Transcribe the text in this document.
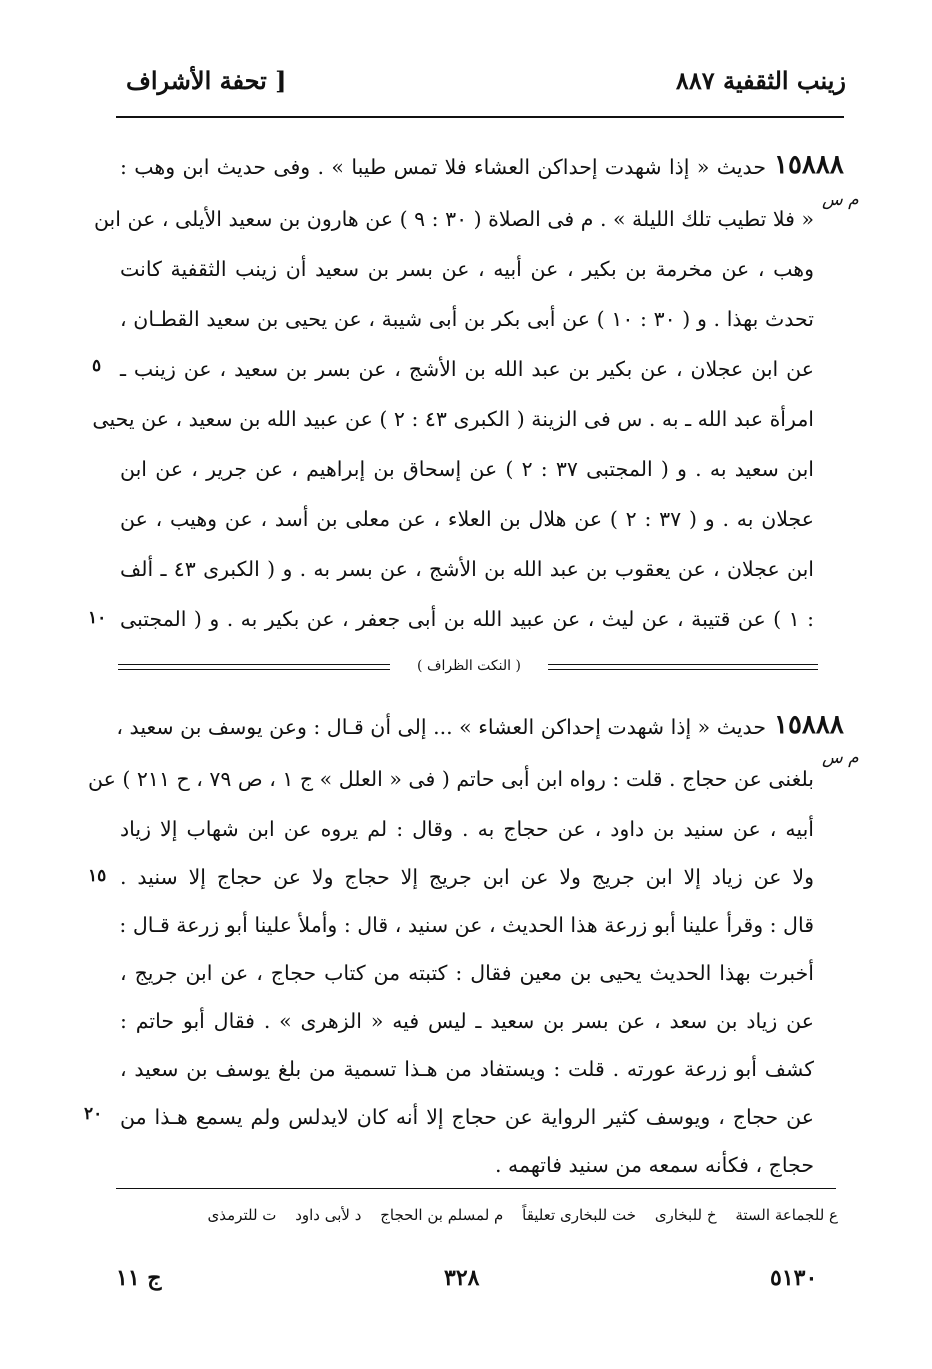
زينب الثقفية ٨٨٧
[ تحفة الأشراف
١٥٨٨٨
م س
حديث « إذا شهدت إحداكن العشاء فلا تمس طيبا » . وفى حديث ابن وهب :
« فلا تطيب تلك الليلة » . م فى الصلاة ( ٣٠ : ٩ ) عن هارون بن سعيد الأيلى ، عن ابن
وهب ، عن مخرمة بن بكير ، عن أبيه ، عن بسر بن سعيد أن زينب الثقفية كانت
تحدث بهذا . و ( ٣٠ : ١٠ ) عن أبى بكر بن أبى شيبة ، عن يحيى بن سعيد القطـان ،
عن ابن عجلان ، عن بكير بن عبد الله بن الأشج ، عن بسر بن سعيد ، عن زينب ـ
امرأة عبد الله ـ به . س فى الزينة ( الكبرى ٤٣ : ٢ ) عن عبيد الله بن سعيد ، عن يحيى
ابن سعيد به . و ( المجتبى ٣٧ : ٢ ) عن إسحاق بن إبراهيم ، عن جرير ، عن ابن
عجلان به . و ( ٣٧ : ٢ ) عن هلال بن العلاء ، عن معلى بن أسد ، عن وهيب ، عن
ابن عجلان ، عن يعقوب بن عبد الله بن الأشج ، عن بسر به . و ( الكبرى ٤٣ ـ ألف
: ١ ) عن قتيبة ، عن ليث ، عن عبيد الله بن أبى جعفر ، عن بكير به . و ( المجتبى
٥
١٠
( النكت الظراف )
١٥٨٨٨
م س
حديث « إذا شهدت إحداكن العشاء » ... إلى أن قـال : وعن يوسف بن سعيد ،
بلغنى عن حجاج . قلت : رواه ابن أبى حاتم ( فى « العلل » ج ١ ، ص ٧٩ ، ح ٢١١ ) عن
أبيه ، عن سنيد بن داود ، عن حجاج به . وقال : لم يروه عن ابن شهاب إلا زياد
ولا عن زياد إلا ابن جريج ولا عن ابن جريج إلا حجاج ولا عن حجاج إلا سنيد .
قال : وقرأ علينا أبو زرعة هذا الحديث ، عن سنيد ، قال : وأملأ علينا أبو زرعة قـال :
أخبرت بهذا الحديث يحيى بن معين فقال : كتبته من كتاب حجاج ، عن ابن جريج ،
عن زياد بن سعد ، عن بسر بن سعيد ـ ليس فيه « الزهرى » . فقال أبو حاتم :
كشف أبو زرعة عورته . قلت : ويستفاد من هـذا تسمية من بلغ يوسف بن سعيد ،
عن حجاج ، ويوسف كثير الرواية عن حجاج إلا أنه كان لايدلس ولم يسمع هـذا من
حجاج ، فكأنه سمعه من سنيد فاتهمه .
١٥
٢٠
ع للجماعة الستة خ للبخارى خت للبخارى تعليقاً م لمسلم بن الحجاج د لأبى داود ت للترمذى
ج ١١	٣٢٨	٥١٣٠
